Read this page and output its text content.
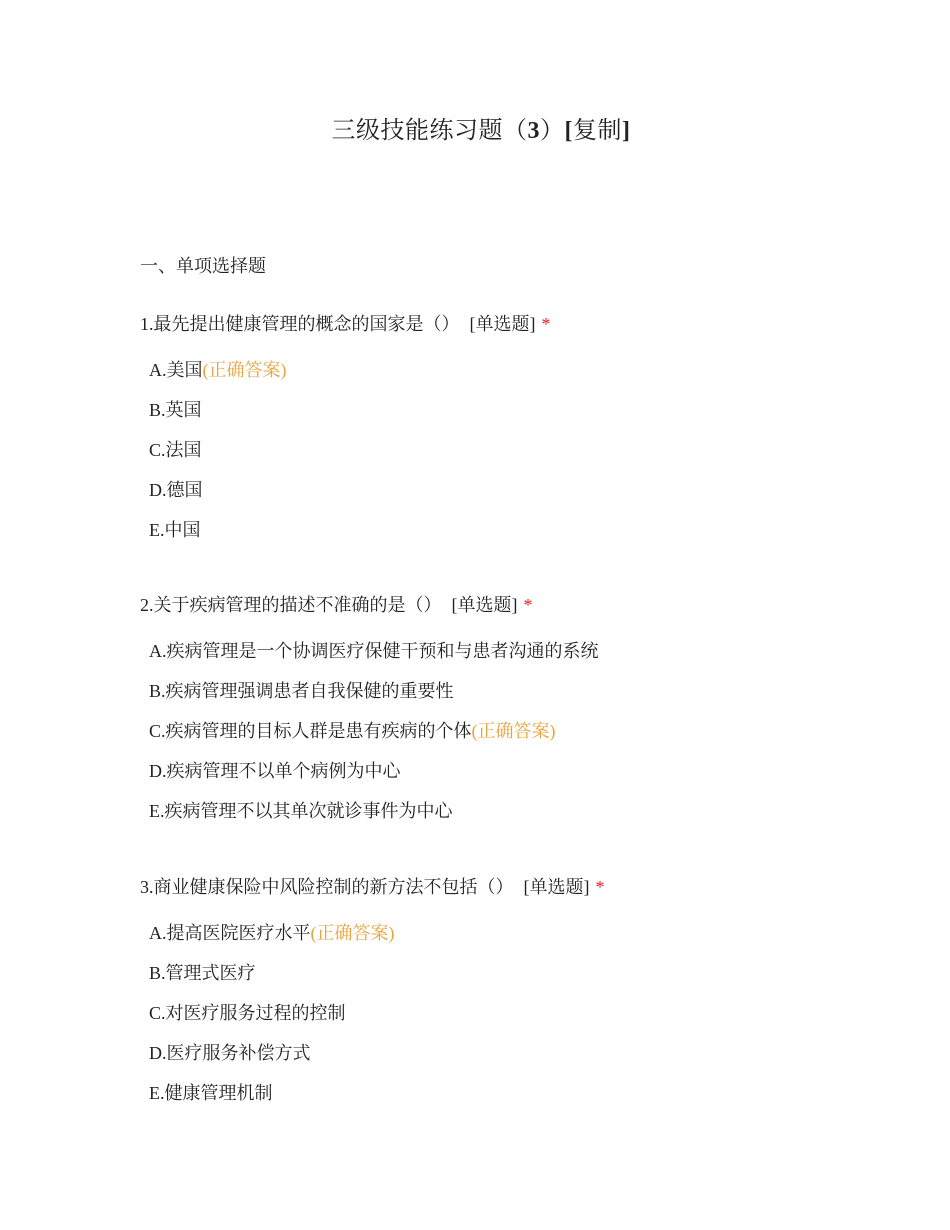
三级技能练习题（3）[复制]
一、单项选择题
1.最先提出健康管理的概念的国家是（） [单选题] *
A.美国(正确答案)
B.英国
C.法国
D.德国
E.中国
2.关于疾病管理的描述不准确的是（） [单选题] *
A.疾病管理是一个协调医疗保健干预和与患者沟通的系统
B.疾病管理强调患者自我保健的重要性
C.疾病管理的目标人群是患有疾病的个体(正确答案)
D.疾病管理不以单个病例为中心
E.疾病管理不以其单次就诊事件为中心
3.商业健康保险中风险控制的新方法不包括（） [单选题] *
A.提高医院医疗水平(正确答案)
B.管理式医疗
C.对医疗服务过程的控制
D.医疗服务补偿方式
E.健康管理机制
